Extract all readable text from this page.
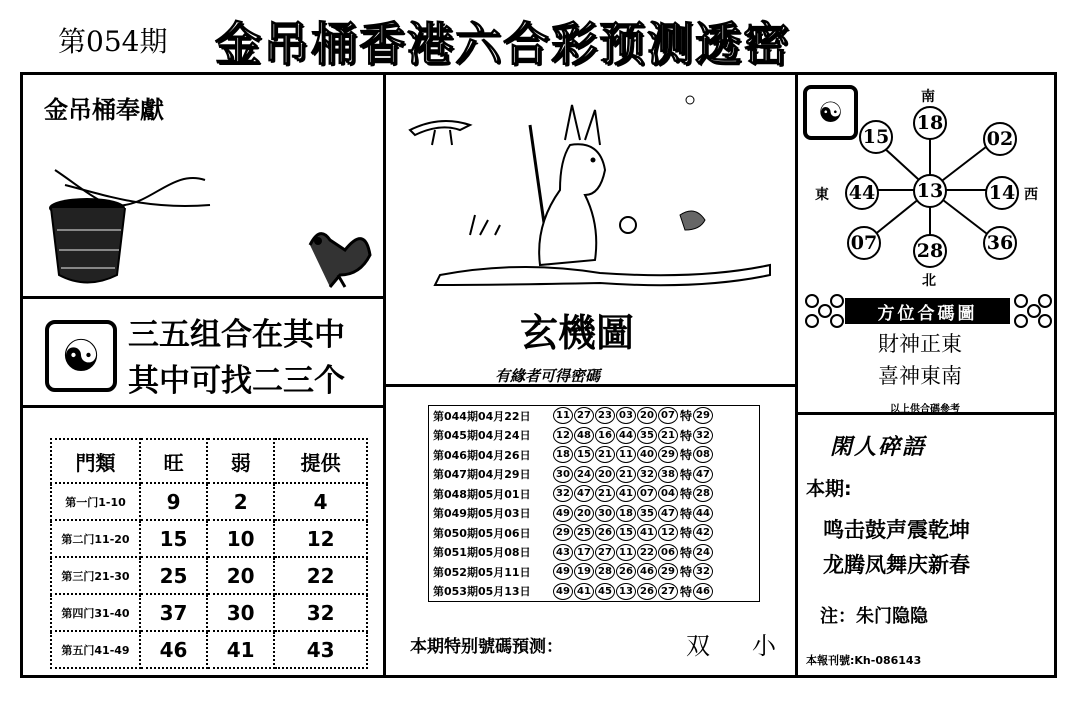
第054期 金吊桶香港六合彩预测透密
金吊桶奉獻
☯ 三五组合在其中
其中可找二三个
門類	旺	弱	提供
第一门1-10	9	2	4
第二门11-20	15	10	12
第三门21-30	25	20	22
第四门31-40	37	30	32
第五门41-49	46	41	43
玄機圖
有緣者可得密碼
第044期04月22日	11 27 23 03 20 07 特 29
第045期04月24日	12 48 16 44 35 21 特 32
第046期04月26日	18 15 21 11 40 29 特 08
第047期04月29日	30 24 20 21 32 38 特 47
第048期05月01日	32 47 21 41 07 04 特 28
第049期05月03日	49 20 30 18 35 47 特 44
第050期05月06日	29 25 26 15 41 12 特 42
第051期05月08日	43 17 27 11 22 06 特 24
第052期05月11日	49 19 28 26 46 29 特 32
第053期05月13日	49 41 45 13 26 27 特 46
本期特别號碼預测：	双 小
☯	南
北
東	西
13
18
02
14
36
28
07
44
15
方位合碼圖
財神正東
喜神東南
以上供合碼參考
閑人碎語
本期:
鸣击鼓声震乾坤
龙腾凤舞庆新春
注：朱门隐隐
本報刊號:Kh-086143
